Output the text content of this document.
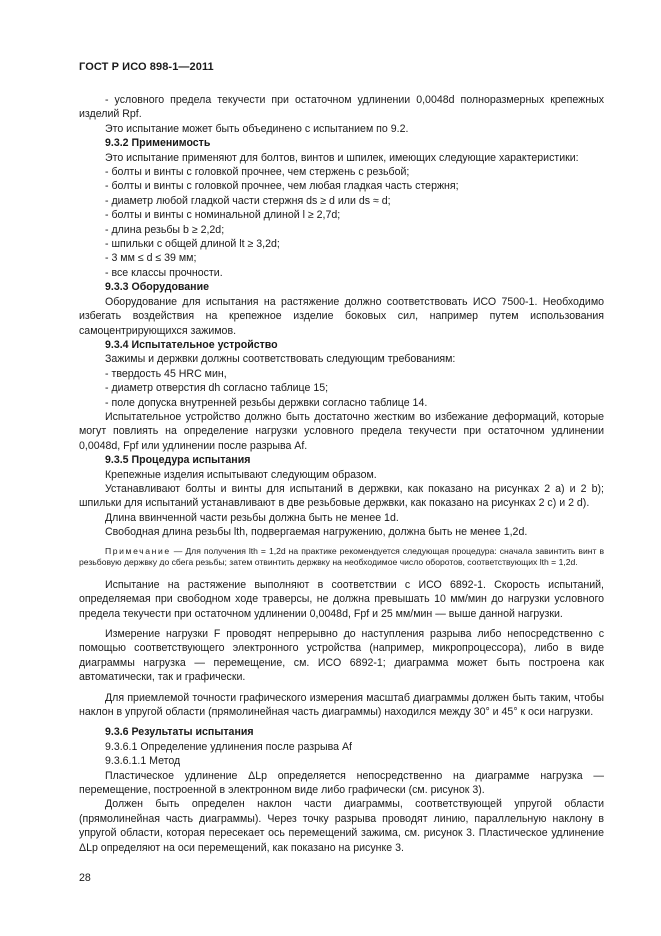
ГОСТ Р ИСО 898-1—2011

- условного предела текучести при остаточном удлинении 0,0048d полноразмерных крепежных изделий Rpf.

Это испытание может быть объединено с испытанием по 9.2.

9.3.2 Применимость

Это испытание применяют для болтов, винтов и шпилек, имеющих следующие характеристики:

- болты и винты с головкой прочнее, чем стержень с резьбой;

- болты и винты с головкой прочнее, чем любая гладкая часть стержня;

- диаметр любой гладкой части стержня ds ≥ d или ds ≈ d;

- болты и винты с номинальной длиной l ≥ 2,7d;

- длина резьбы b ≥ 2,2d;

- шпильки с общей длиной lt ≥ 3,2d;

- 3 мм ≤ d ≤ 39 мм;

- все классы прочности.

9.3.3 Оборудование

Оборудование для испытания на растяжение должно соответствовать ИСО 7500-1. Необходимо избегать воздействия на крепежное изделие боковых сил, например путем использования самоцентрирующихся зажимов.

9.3.4 Испытательное устройство

Зажимы и держвки должны соответствовать следующим требованиям:

- твердость 45 HRC мин,

- диаметр отверстия dh согласно таблице 15;

- поле допуска внутренней резьбы держвки согласно таблице 14.

Испытательное устройство должно быть достаточно жестким во избежание деформаций, которые могут повлиять на определение нагрузки условного предела текучести при остаточном удлинении 0,0048d, Fpf или удлинении после разрыва Af.

9.3.5 Процедура испытания

Крепежные изделия испытывают следующим образом.

Устанавливают болты и винты для испытаний в держвки, как показано на рисунках 2 а) и 2 b); шпильки для испытаний устанавливают в две резьбовые держвки, как показано на рисунках 2 c) и 2 d).

Длина ввинченной части резьбы должна быть не менее 1d.

Свободная длина резьбы lth, подвергаемая нагружению, должна быть не менее 1,2d.

Примечание — Для получения lth = 1,2d на практике рекомендуется следующая процедура: сначала завинтить винт в резьбовую держвку до сбега резьбы; затем отвинтить держвку на необходимое число оборотов, соответствующих lth = 1,2d.

Испытание на растяжение выполняют в соответствии с ИСО 6892-1. Скорость испытаний, определяемая при свободном ходе траверсы, не должна превышать 10 мм/мин до нагрузки условного предела текучести при остаточном удлинении 0,0048d, Fpf и 25 мм/мин — выше данной нагрузки.

Измерение нагрузки F проводят непрерывно до наступления разрыва либо непосредственно с помощью соответствующего электронного устройства (например, микропроцессора), либо в виде диаграммы нагрузка — перемещение, см. ИСО 6892-1; диаграмма может быть построена как автоматически, так и графически.

Для приемлемой точности графического измерения масштаб диаграммы должен быть таким, чтобы наклон в упругой области (прямолинейная часть диаграммы) находился между 30° и 45° к оси нагрузки.

9.3.6 Результаты испытания

9.3.6.1 Определение удлинения после разрыва Af

9.3.6.1.1 Метод

Пластическое удлинение ΔLp определяется непосредственно на диаграмме нагрузка — перемещение, построенной в электронном виде либо графически (см. рисунок 3).

Должен быть определен наклон части диаграммы, соответствующей упругой области (прямолинейная часть диаграммы). Через точку разрыва проводят линию, параллельную наклону в упругой области, которая пересекает ось перемещений зажима, см. рисунок 3. Пластическое удлинение ΔLp определяют на оси перемещений, как показано на рисунке 3.

28
